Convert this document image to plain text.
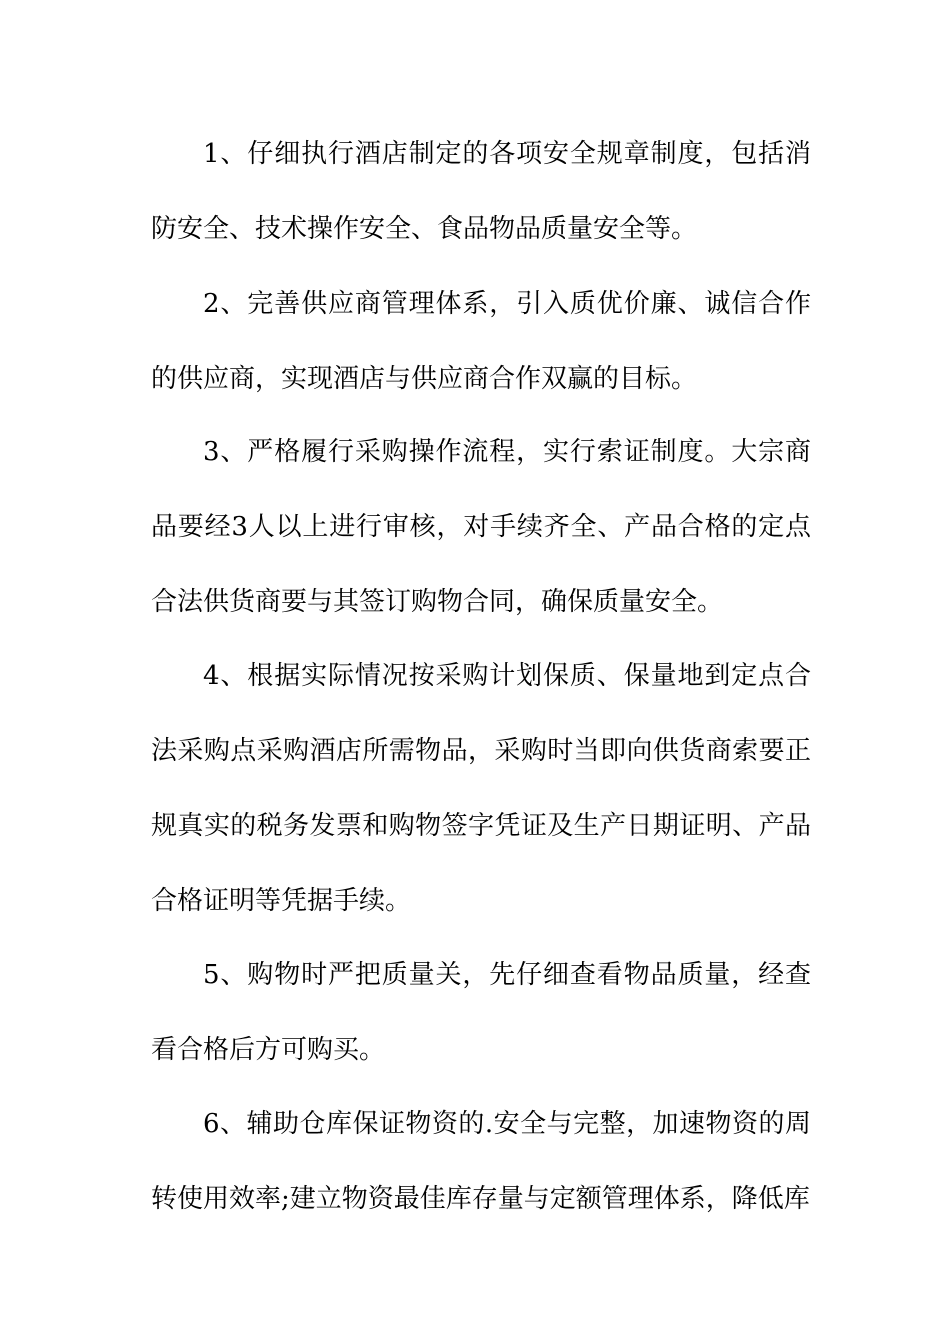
1、仔细执行酒店制定的各项安全规章制度，包括消防安全、技术操作安全、食品物品质量安全等。

2、完善供应商管理体系，引入质优价廉、诚信合作的供应商，实现酒店与供应商合作双赢的目标。

3、严格履行采购操作流程，实行索证制度。大宗商品要经3人以上进行审核，对手续齐全、产品合格的定点合法供货商要与其签订购物合同，确保质量安全。

4、根据实际情况按采购计划保质、保量地到定点合法采购点采购酒店所需物品，采购时当即向供货商索要正规真实的税务发票和购物签字凭证及生产日期证明、产品合格证明等凭据手续。

5、购物时严把质量关，先仔细查看物品质量，经查看合格后方可购买。

6、辅助仓库保证物资的.安全与完整，加速物资的周转使用效率;建立物资最佳库存量与定额管理体系，降低库
